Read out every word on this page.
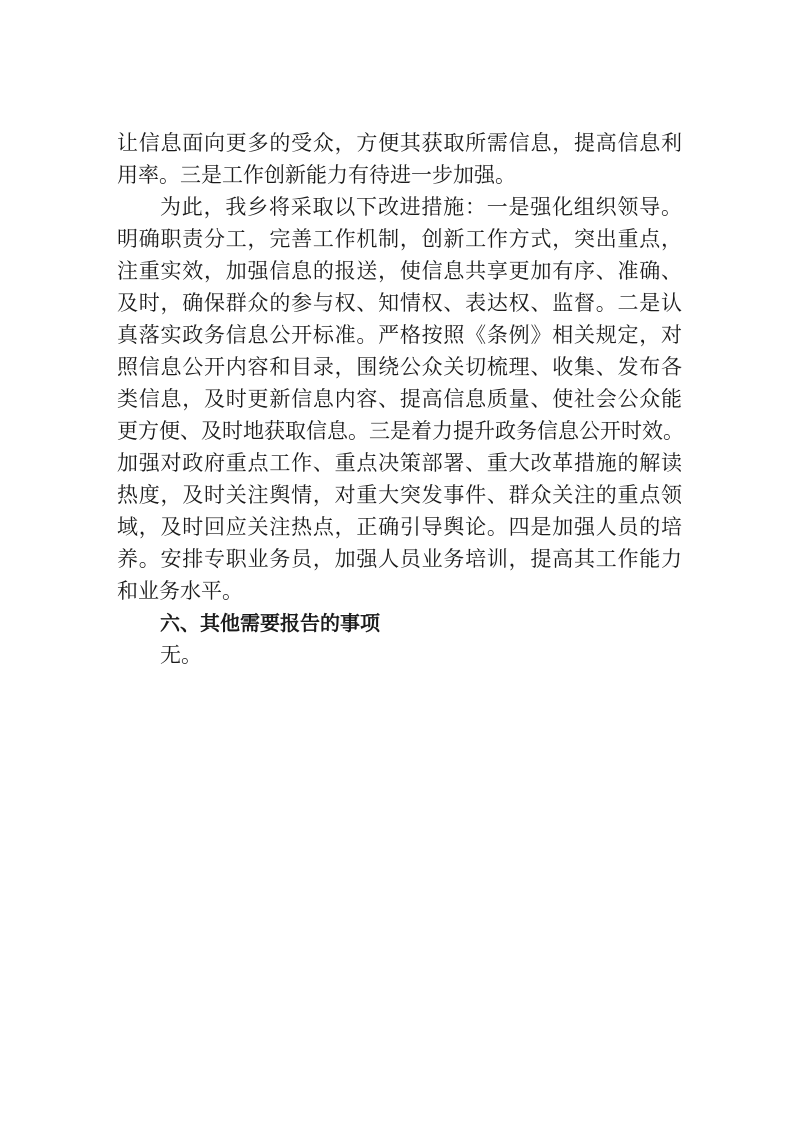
让信息面向更多的受众，方便其获取所需信息，提高信息利
用率。三是工作创新能力有待进一步加强。
为此，我乡将采取以下改进措施：一是强化组织领导。
明确职责分工，完善工作机制，创新工作方式，突出重点，
注重实效，加强信息的报送，使信息共享更加有序、准确、
及时，确保群众的参与权、知情权、表达权、监督。二是认
真落实政务信息公开标准。严格按照《条例》相关规定，对
照信息公开内容和目录，围绕公众关切梳理、收集、发布各
类信息，及时更新信息内容、提高信息质量、使社会公众能
更方便、及时地获取信息。三是着力提升政务信息公开时效。
加强对政府重点工作、重点决策部署、重大改革措施的解读
热度，及时关注舆情，对重大突发事件、群众关注的重点领
域，及时回应关注热点，正确引导舆论。四是加强人员的培
养。安排专职业务员，加强人员业务培训，提高其工作能力
和业务水平。
六、其他需要报告的事项
无。
